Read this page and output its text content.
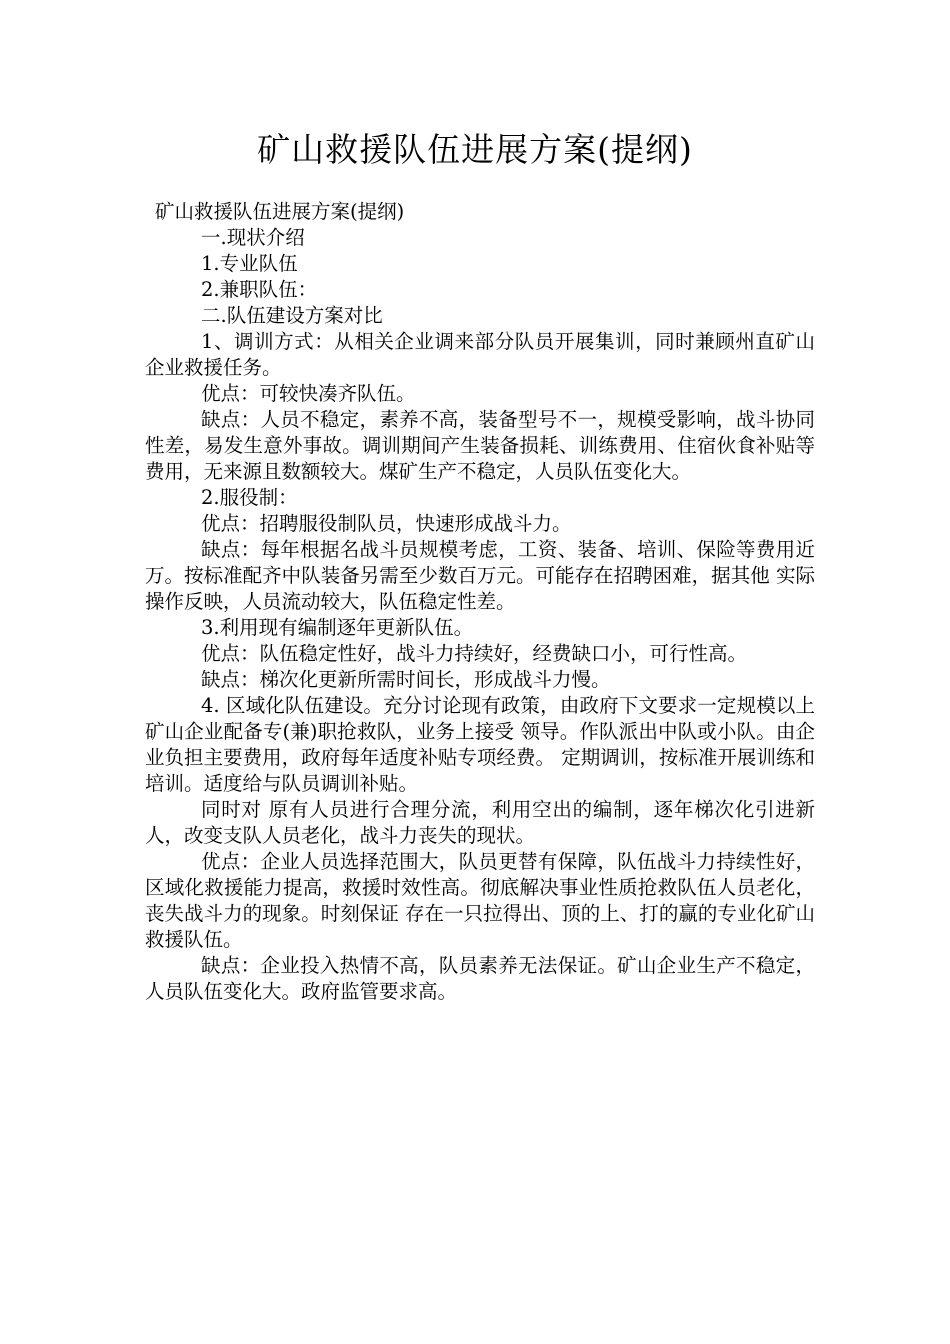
矿山救援队伍进展方案(提纲)

矿山救援队伍进展方案(提纲)

一.现状介绍

1.专业队伍

2.兼职队伍：

二.队伍建设方案对比

1、调训方式：从相关企业调来部分队员开展集训，同时兼顾州直矿山企业救援任务。

优点：可较快凑齐队伍。

缺点：人员不稳定，素养不高，装备型号不一，规模受影响，战斗协同性差，易发生意外事故。调训期间产生装备损耗、训练费用、住宿伙食补贴等费用，无来源且数额较大。煤矿生产不稳定，人员队伍变化大。

2.服役制：

优点：招聘服役制队员，快速形成战斗力。

缺点：每年根据名战斗员规模考虑，工资、装备、培训、保险等费用近 万。按标准配齐中队装备另需至少数百万元。可能存在招聘困难，据其他 实际操作反映，人员流动较大，队伍稳定性差。

3.利用现有编制逐年更新队伍。

优点：队伍稳定性好，战斗力持续好，经费缺口小，可行性高。

缺点：梯次化更新所需时间长，形成战斗力慢。

4. 区域化队伍建设。充分讨论现有政策，由政府下文要求一定规模以上矿山企业配备专(兼)职抢救队，业务上接受 领导。作队派出中队或小队。由企业负担主要费用，政府每年适度补贴专项经费。 定期调训，按标准开展训练和培训。适度给与队员调训补贴。

同时对 原有人员进行合理分流，利用空出的编制，逐年梯次化引进新人，改变支队人员老化，战斗力丧失的现状。

优点：企业人员选择范围大，队员更替有保障，队伍战斗力持续性好，区域化救援能力提高，救援时效性高。彻底解决事业性质抢救队伍人员老化，丧失战斗力的现象。时刻保证 存在一只拉得出、顶的上、打的赢的专业化矿山救援队伍。

缺点：企业投入热情不高，队员素养无法保证。矿山企业生产不稳定，人员队伍变化大。政府监管要求高。
